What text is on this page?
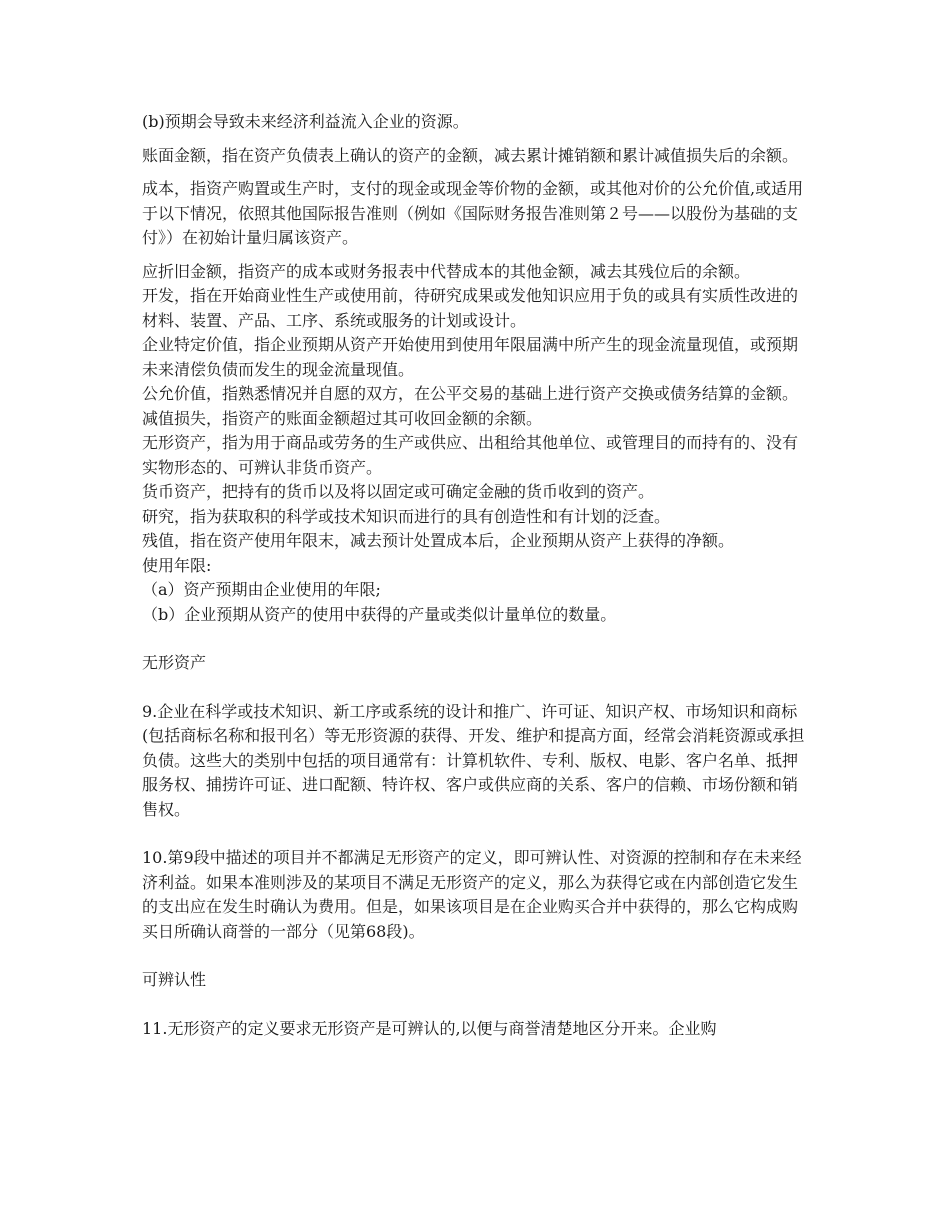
(b)预期会导致未来经济利益流入企业的资源。

账面金额，指在资产负债表上确认的资产的金额，减去累计摊销额和累计减值损失后的余额。

成本，指资产购置或生产时，支付的现金或现金等价物的金额，或其他对价的公允价值,或适用于以下情况，依照其他国际报告准则（例如《国际财务报告准则第２号——以股份为基础的支付》）在初始计量归属该资产。

应折旧金额，指资产的成本或财务报表中代替成本的其他金额，减去其残位后的余额。

开发，指在开始商业性生产或使用前，待研究成果或发他知识应用于负的或具有实质性改进的材料、装置、产品、工序、系统或服务的计划或设计。

企业特定价值，指企业预期从资产开始使用到使用年限届满中所产生的现金流量现值，或预期未来清偿负债而发生的现金流量现值。

公允价值，指熟悉情况并自愿的双方，在公平交易的基础上进行资产交换或债务结算的金额。

减值损失，指资产的账面金额超过其可收回金额的余额。

无形资产，指为用于商品或劳务的生产或供应、出租给其他单位、或管理目的而持有的、没有实物形态的、可辨认非货币资产。

货币资产，把持有的货币以及将以固定或可确定金融的货币收到的资产。

研究，指为获取积的科学或技术知识而进行的具有创造性和有计划的泛查。

残值，指在资产使用年限末，减去预计处置成本后，企业预期从资产上获得的净额。

使用年限:

（a）资产预期由企业使用的年限;

（b）企业预期从资产的使用中获得的产量或类似计量单位的数量。

无形资产

9.企业在科学或技术知识、新工序或系统的设计和推广、许可证、知识产权、市场知识和商标(包括商标名称和报刊名）等无形资源的获得、开发、维护和提高方面，经常会消耗资源或承担负债。这些大的类别中包括的项目通常有：计算机软件、专利、版权、电影、客户名单、抵押服务权、捕捞许可证、进口配额、特许权、客户或供应商的关系、客户的信赖、市场份额和销售权。

10.第9段中描述的项目并不都满足无形资产的定义，即可辨认性、对资源的控制和存在未来经济利益。如果本准则涉及的某项目不满足无形资产的定义，那么为获得它或在内部创造它发生的支出应在发生时确认为费用。但是，如果该项目是在企业购买合并中获得的，那么它构成购买日所确认商誉的一部分（见第68段)。

可辨认性

11.无形资产的定义要求无形资产是可辨认的,以便与商誉清楚地区分开来。企业购
